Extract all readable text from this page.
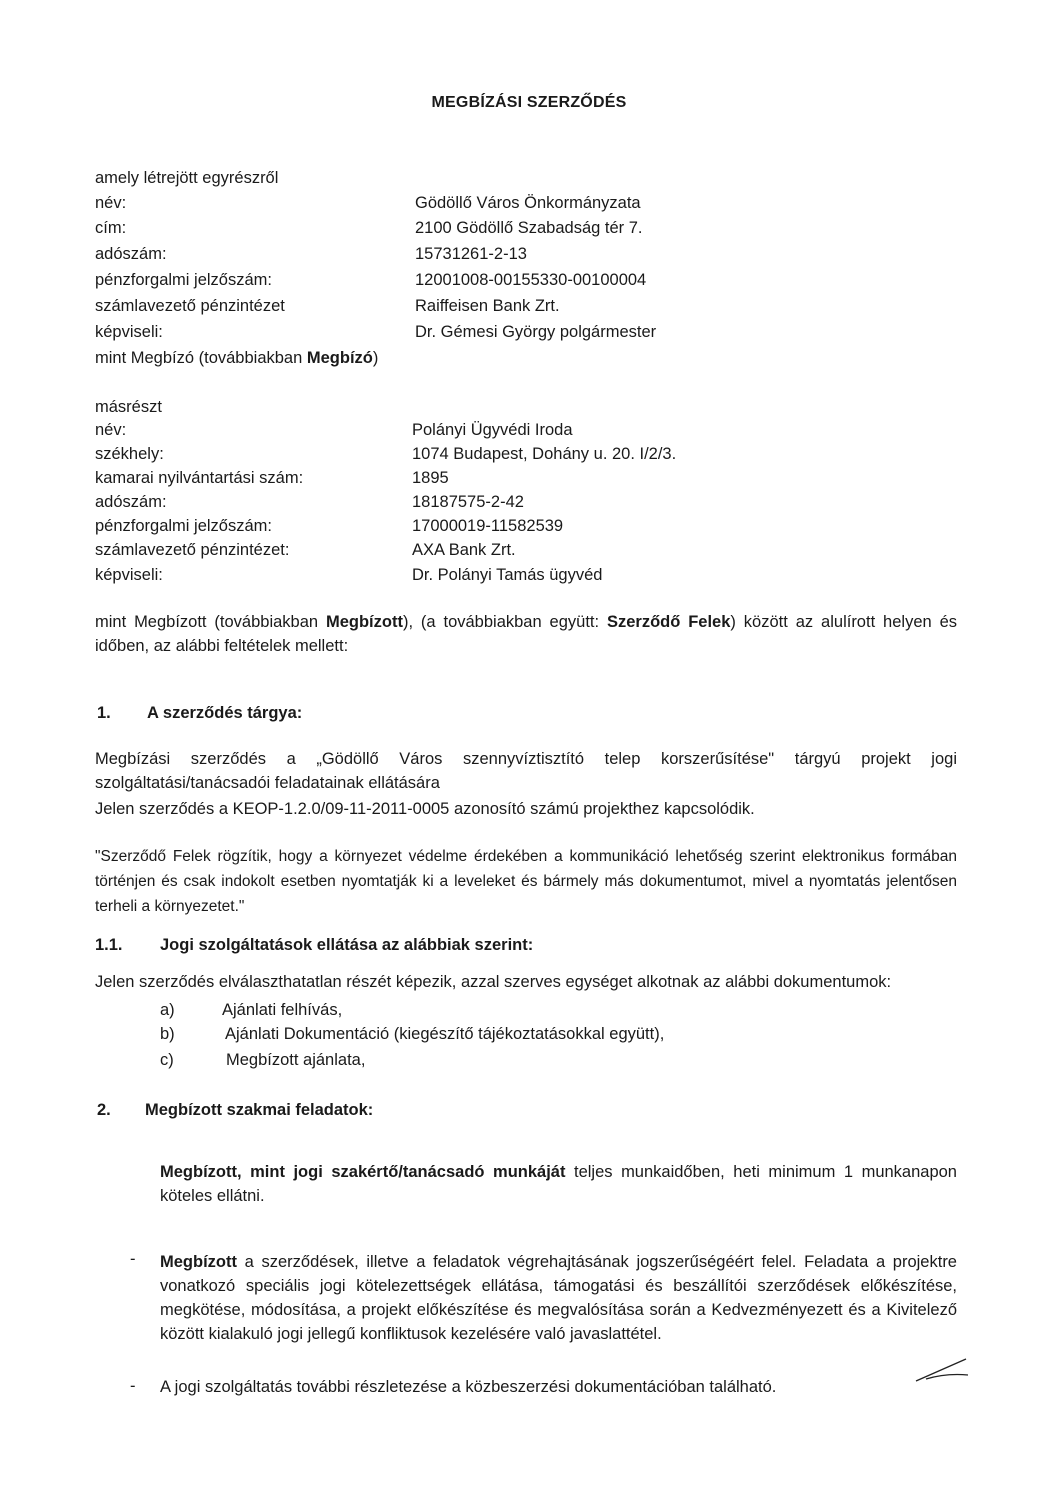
MEGBÍZÁSI SZERZŐDÉS
amely létrejött egyrészről
név:	Gödöllő Város Önkormányzata
cím:	2100 Gödöllő Szabadság tér 7.
adószám:	15731261-2-13
pénzforgalmi jelzőszám:	12001008-00155330-00100004
számlavezető pénzintézet	Raiffeisen Bank Zrt.
képviseli:	Dr. Gémesi György polgármester
mint Megbízó (továbbiakban Megbízó)
másrészt
név:	Polányi Ügyvédi Iroda
székhely:	1074 Budapest, Dohány u. 20. I/2/3.
kamarai nyilvántartási szám:	1895
adószám:	18187575-2-42
pénzforgalmi jelzőszám:	17000019-11582539
számlavezető pénzintézet:	AXA Bank Zrt.
képviseli:	Dr. Polányi Tamás ügyvéd
mint Megbízott (továbbiakban Megbízott), (a továbbiakban együtt: Szerződő Felek) között az alulírott helyen és időben, az alábbi feltételek mellett:
1. A szerződés tárgya:
Megbízási szerződés a „Gödöllő Város szennyvíztisztító telep korszerűsítése" tárgyú projekt jogi szolgáltatási/tanácsadói feladatainak ellátására
Jelen szerződés a KEOP-1.2.0/09-11-2011-0005 azonosító számú projekthez kapcsolódik.
"Szerződő Felek rögzítik, hogy a környezet védelme érdekében a kommunikáció lehetőség szerint elektronikus formában történjen és csak indokolt esetben nyomtatják ki a leveleket és bármely más dokumentumot, mivel a nyomtatás jelentősen terheli a környezetet."
1.1. Jogi szolgáltatások ellátása az alábbiak szerint:
Jelen szerződés elválaszthatatlan részét képezik, azzal szerves egységet alkotnak az alábbi dokumentumok:
a)	Ajánlati felhívás,
b)	Ajánlati Dokumentáció (kiegészítő tájékoztatásokkal együtt),
c)	Megbízott ajánlata,
2. Megbízott szakmai feladatok:
Megbízott, mint jogi szakértő/tanácsadó munkáját teljes munkaidőben, heti minimum 1 munkanapon köteles ellátni.
- Megbízott a szerződések, illetve a feladatok végrehajtásának jogszerűségéért felel. Feladata a projektre vonatkozó speciális jogi kötelezettségek ellátása, támogatási és beszállítói szerződések előkészítése, megkötése, módosítása, a projekt előkészítése és megvalósítása során a Kedvezményezett és a Kivitelező között kialakuló jogi jellegű konfliktusok kezelésére való javaslattétel.
- A jogi szolgáltatás további részletezése a közbeszerzési dokumentációban található.
